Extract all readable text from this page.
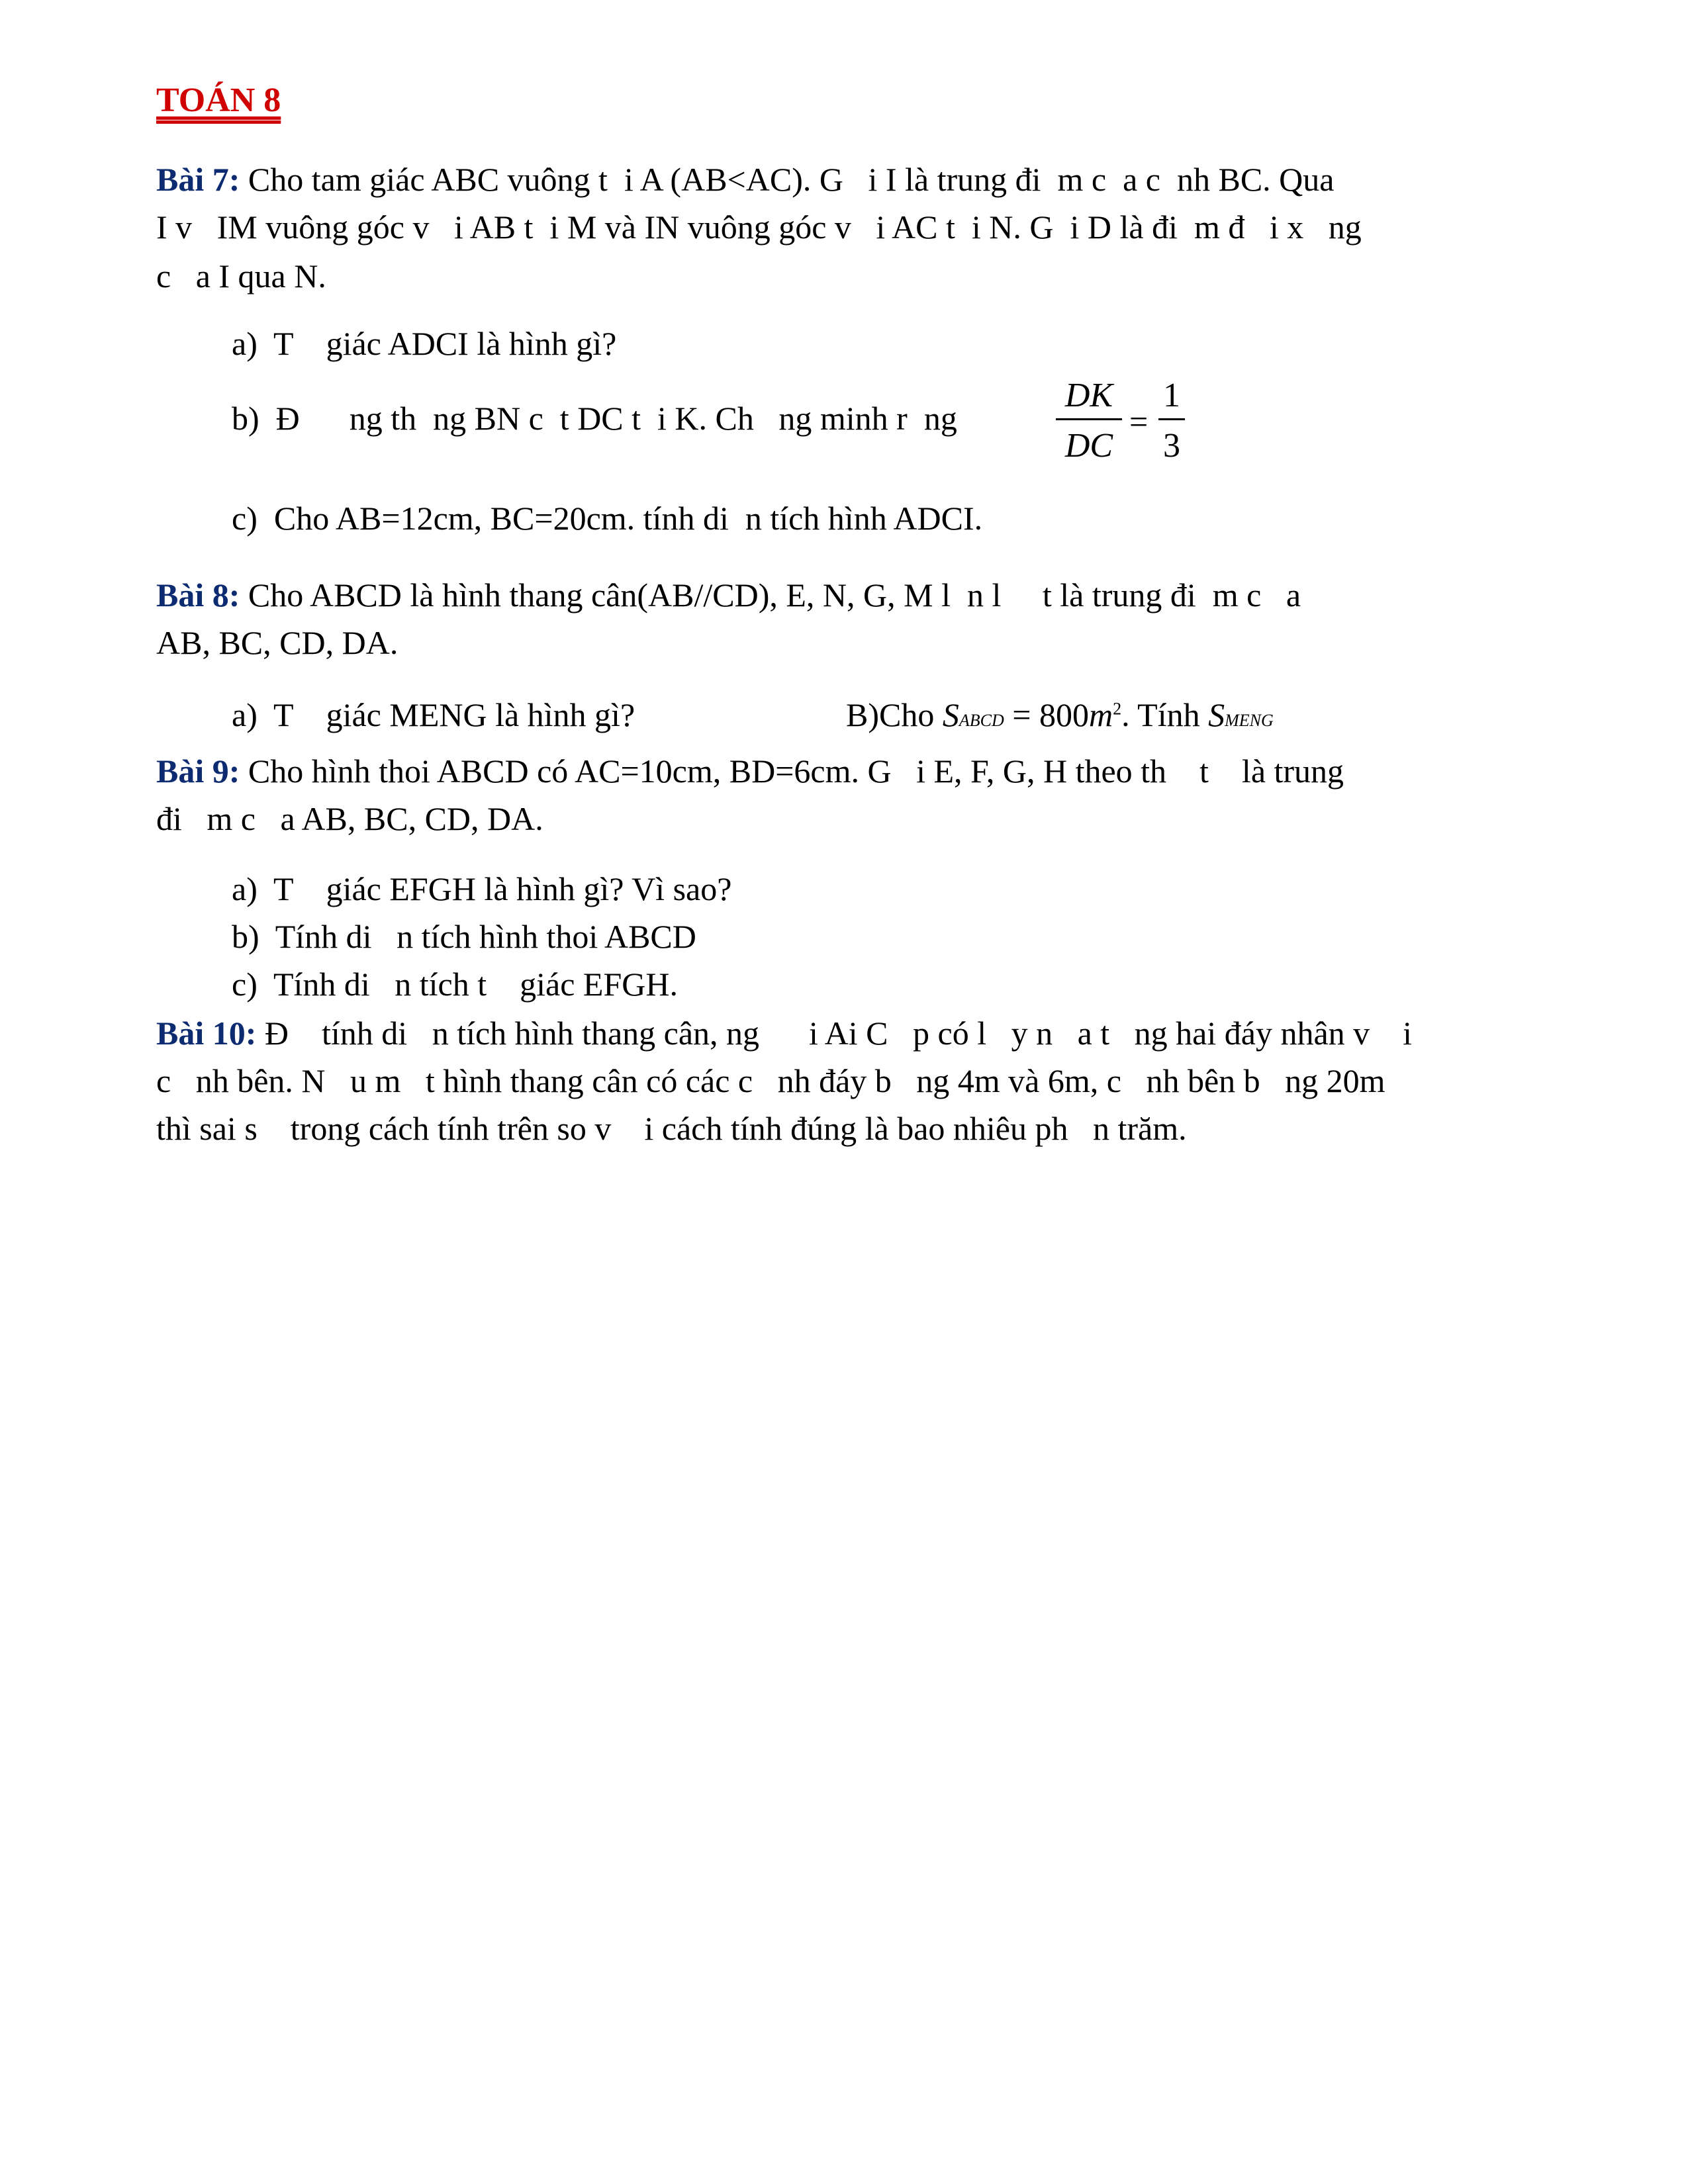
TOÁN 8
Bài 7: Cho tam giác ABC vuông t  i A (AB<AC). G   i I là trung đi  m c  a c  nh BC. Qua
I v   IM vuông góc v   i AB t  i M và IN vuông góc v   i AC t  i N. G  i D là đi  m đ   i x   ng
c   a I qua N.
a)  T    giác ADCI là hình gì?
b)  Đ      ng th  ng BN c  t DC t  i K. Ch   ng minh r  ng
DK
DC
=
1
3
c)  Cho AB=12cm, BC=20cm. tính di  n tích hình ADCI.
Bài 8: Cho ABCD là hình thang cân(AB//CD), E, N, G, M l  n l     t là trung đi  m c   a
AB, BC, CD, DA.
a)  T    giác MENG là hình gì?	B)Cho SABCD = $800m^2$. Tính SMENG
Bài 9: Cho hình thoi ABCD có AC=10cm, BD=6cm. G   i E, F, G, H theo th    t    là trung
đi   m c   a AB, BC, CD, DA.
a)  T    giác EFGH là hình gì? Vì sao?
b)  Tính di   n tích hình thoi ABCD
c)  Tính di   n tích t    giác EFGH.
Bài 10: Đ    tính di   n tích hình thang cân, ng      i Ai C   p có l   y n   a t   ng hai đáy nhân v    i
c   nh bên. N   u m   t hình thang cân có các c   nh đáy b   ng 4m và 6m, c   nh bên b   ng 20m
thì sai s    trong cách tính trên so v    i cách tính đúng là bao nhiêu ph   n trăm.
